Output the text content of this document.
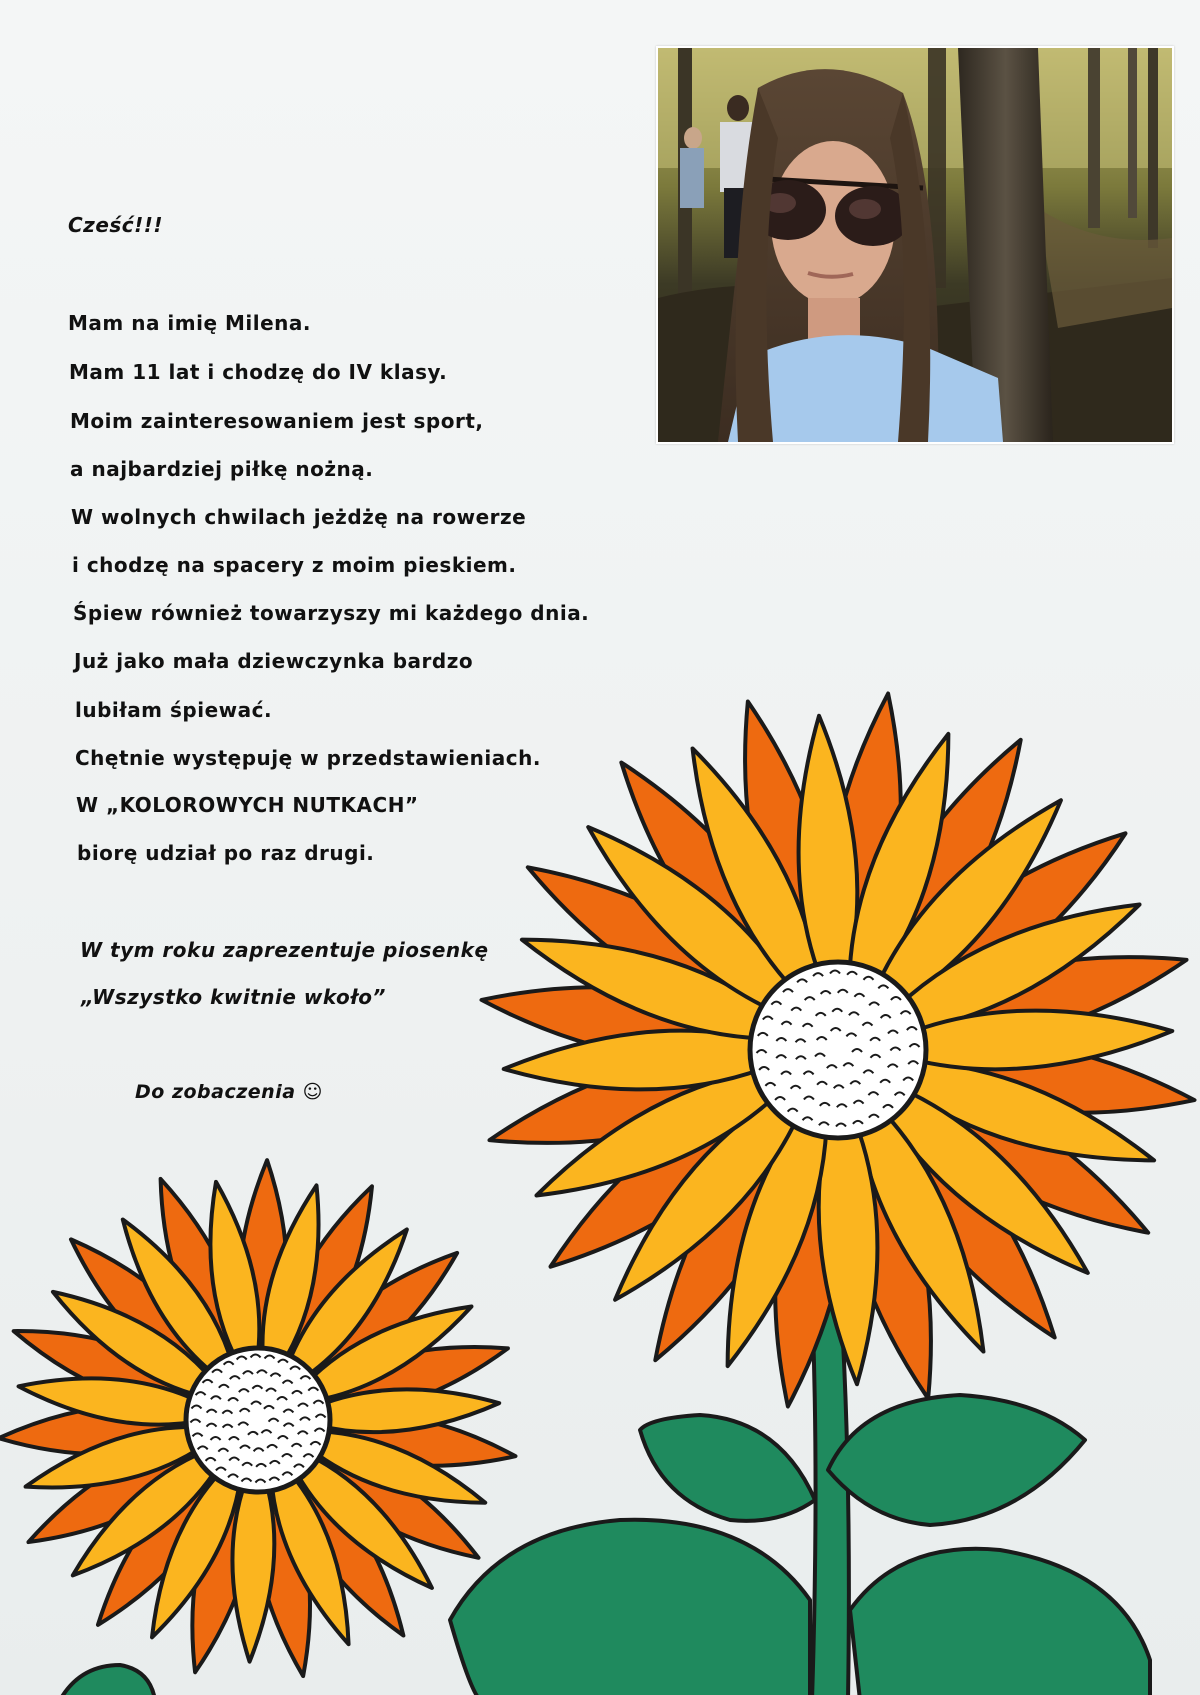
Cześć!!!
Mam na imię Milena.
Mam 11 lat i chodzę do IV klasy.
Moim zainteresowaniem jest sport,
a najbardziej piłkę nożną.
W wolnych chwilach jeżdżę na rowerze
i chodzę na spacery z moim pieskiem.
Śpiew również towarzyszy mi każdego dnia.
Już jako mała dziewczynka bardzo
lubiłam śpiewać.
Chętnie występuję w przedstawieniach.
W „KOLOROWYCH NUTKACH”
biorę udział po raz drugi.
W tym roku zaprezentuje piosenkę
„Wszystko kwitnie wkoło”
Do zobaczenia ☺
